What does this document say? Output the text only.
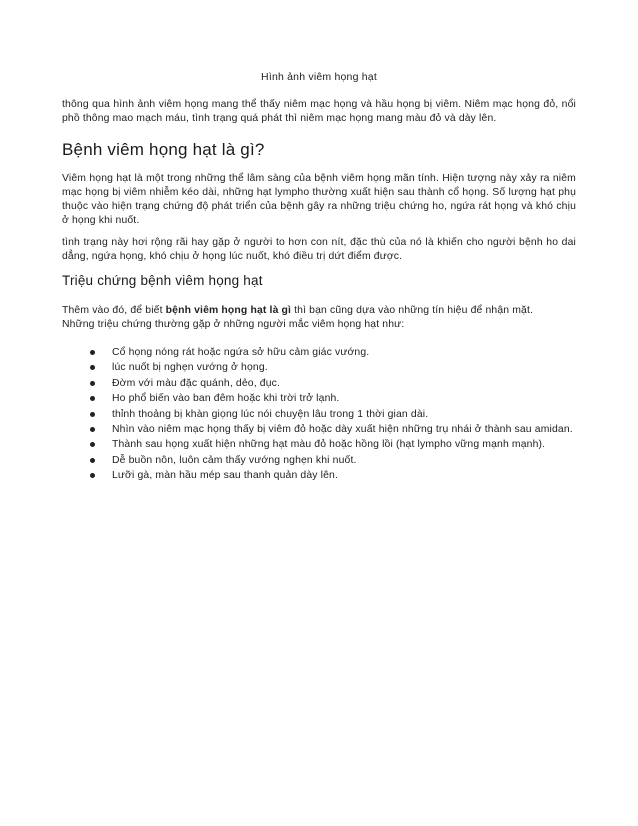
Hình ảnh viêm họng hạt
thông qua hình ảnh viêm họng mang thể thấy niêm mạc họng và hầu họng bị viêm. Niêm mạc họng đỏ, nổi phồ thông mao mạch máu, tình trạng quá phát thì niêm mạc họng mang màu đỏ và dày lên.
Bệnh viêm họng hạt là gì?
Viêm họng hạt là một trong những thể lâm sàng của bệnh viêm họng mãn tính. Hiện tượng này xảy ra niêm mạc họng bị viêm nhiễm kéo dài, những hạt lympho thường xuất hiện sau thành cổ họng. Số lượng hạt phụ thuộc vào hiện trạng chứng độ phát triển của bệnh gây ra những triệu chứng ho, ngứa rát họng và khó chịu ở họng khi nuốt.
tình trạng này hơi rộng rãi hay gặp ở người to hơn con nít, đặc thù của nó là khiến cho người bệnh ho dai dẳng, ngứa họng, khó chịu ở họng lúc nuốt, khó điều trị dứt điểm được.
Triệu chứng bệnh viêm họng hạt
Thêm vào đó, để biết bệnh viêm họng hạt là gì thì bạn cũng dựa vào những tín hiệu để nhận mặt.
Những triệu chứng thường gặp ở những người mắc viêm họng hạt như:
Cổ họng nóng rát hoặc ngứa sở hữu cảm giác vướng.
lúc nuốt bị nghẹn vướng ở họng.
Đờm với màu đặc quánh, dẻo, đục.
Ho phổ biến vào ban đêm hoặc khi trời trở lạnh.
thỉnh thoảng bị khàn giọng lúc nói chuyện lâu trong 1 thời gian dài.
Nhìn vào niêm mạc họng thấy bị viêm đỏ hoặc dày xuất hiện những trụ nhái ở thành sau amidan.
Thành sau họng xuất hiện những hạt màu đỏ hoặc hồng lồi (hạt lympho vững mạnh mạnh).
Dễ buồn nôn, luôn cảm thấy vướng nghẹn khi nuốt.
Lưỡi gà, màn hầu mép sau thanh quản dày lên.
